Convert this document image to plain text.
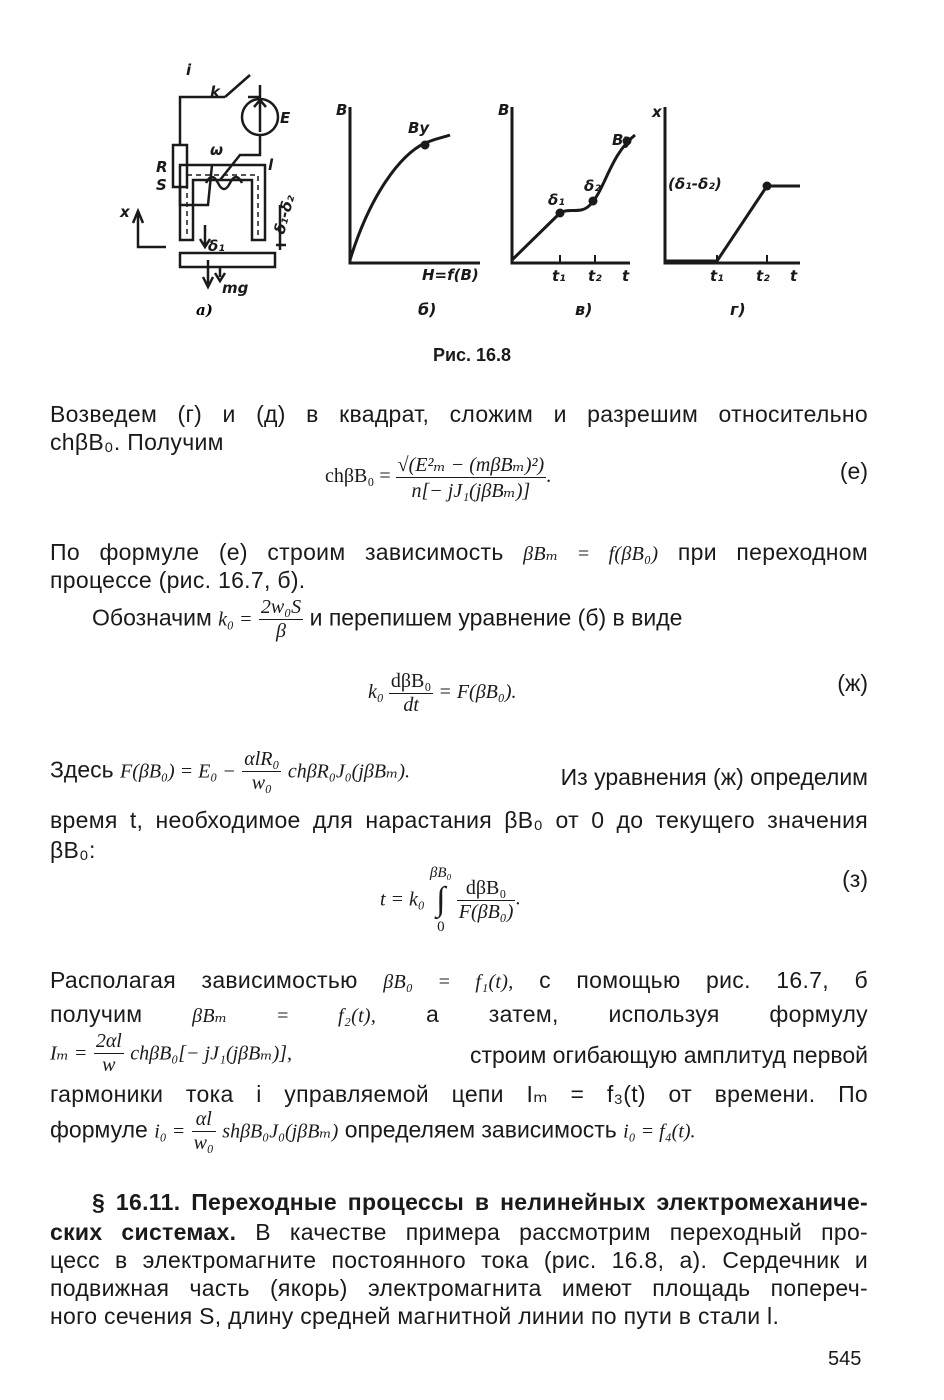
i
k
R
E
ω
S
l
x
δ₁
δ₁-δ₂
mg
а)
B
By
H=f(B)
б)
B
δ₁
δ₂
By
t₁ t₂ t
в)
x
(δ₁-δ₂)
t₁ t₂ t
г)
Рис. 16.8

Возведем (г) и (д) в квадрат, сложим и разрешим относительно

chβB₀. Получим

$ch\beta B_0 = \frac{\text{√(E²ₘ − (mβBₘ)²)}}{\text{n[− jJ₁(jβBₘ)]}}$ .	(е)

По формуле (е) строим зависимость βBₘ = f(βB₀) при переходном

процессе (рис. 16.7, б).

Обозначим $k_0 = \frac{\text{2w₀S}}{\beta}$ и перепишем уравнение (б) в виде
$k_0 \frac{\text{dβB₀}}{dt} = F(\beta B_0)$.	(ж)
Здесь $F(\beta B_0) = E_0 - \frac{\text{αlR₀}}{\text{w₀}} ch\beta R_0J_0(j\beta B_m)$.	Из уравнения (ж) определим

время t, необходимое для нарастания βB₀ от 0 до текущего значения

βB₀:

t = k₀
βB₀
∫
0

$\frac{\text{dβB₀}}{\text{F(βB₀)}}$ .
(з)

Располагая зависимостью βB₀ = f₁(t), с помощью рис. 16.7, б

получим βBₘ = f₂(t), а затем, используя формулу

$I_m = \frac{2\alpha l}{w} ch\beta B_0[- jJ_1(j\beta B_m)]$,	строим огибающую амплитуд первой

гармоники тока i управляемой цепи Iₘ = f₃(t) от времени. По

формуле $i_0 = \frac{\alpha l}{\text{w₀}} sh\beta B_0J_0(j\beta B_m)$ определяем зависимость i₀ = f₄(t).

§ 16.11. Переходные процессы в нелинейных электромеханиче-

ских системах. В качестве примера рассмотрим переходный про-

цесс в электромагните постоянного тока (рис. 16.8, а). Сердечник и

подвижная часть (якорь) электромагнита имеют площадь попереч-

ного сечения S, длину средней магнитной линии по пути в стали l.

545
